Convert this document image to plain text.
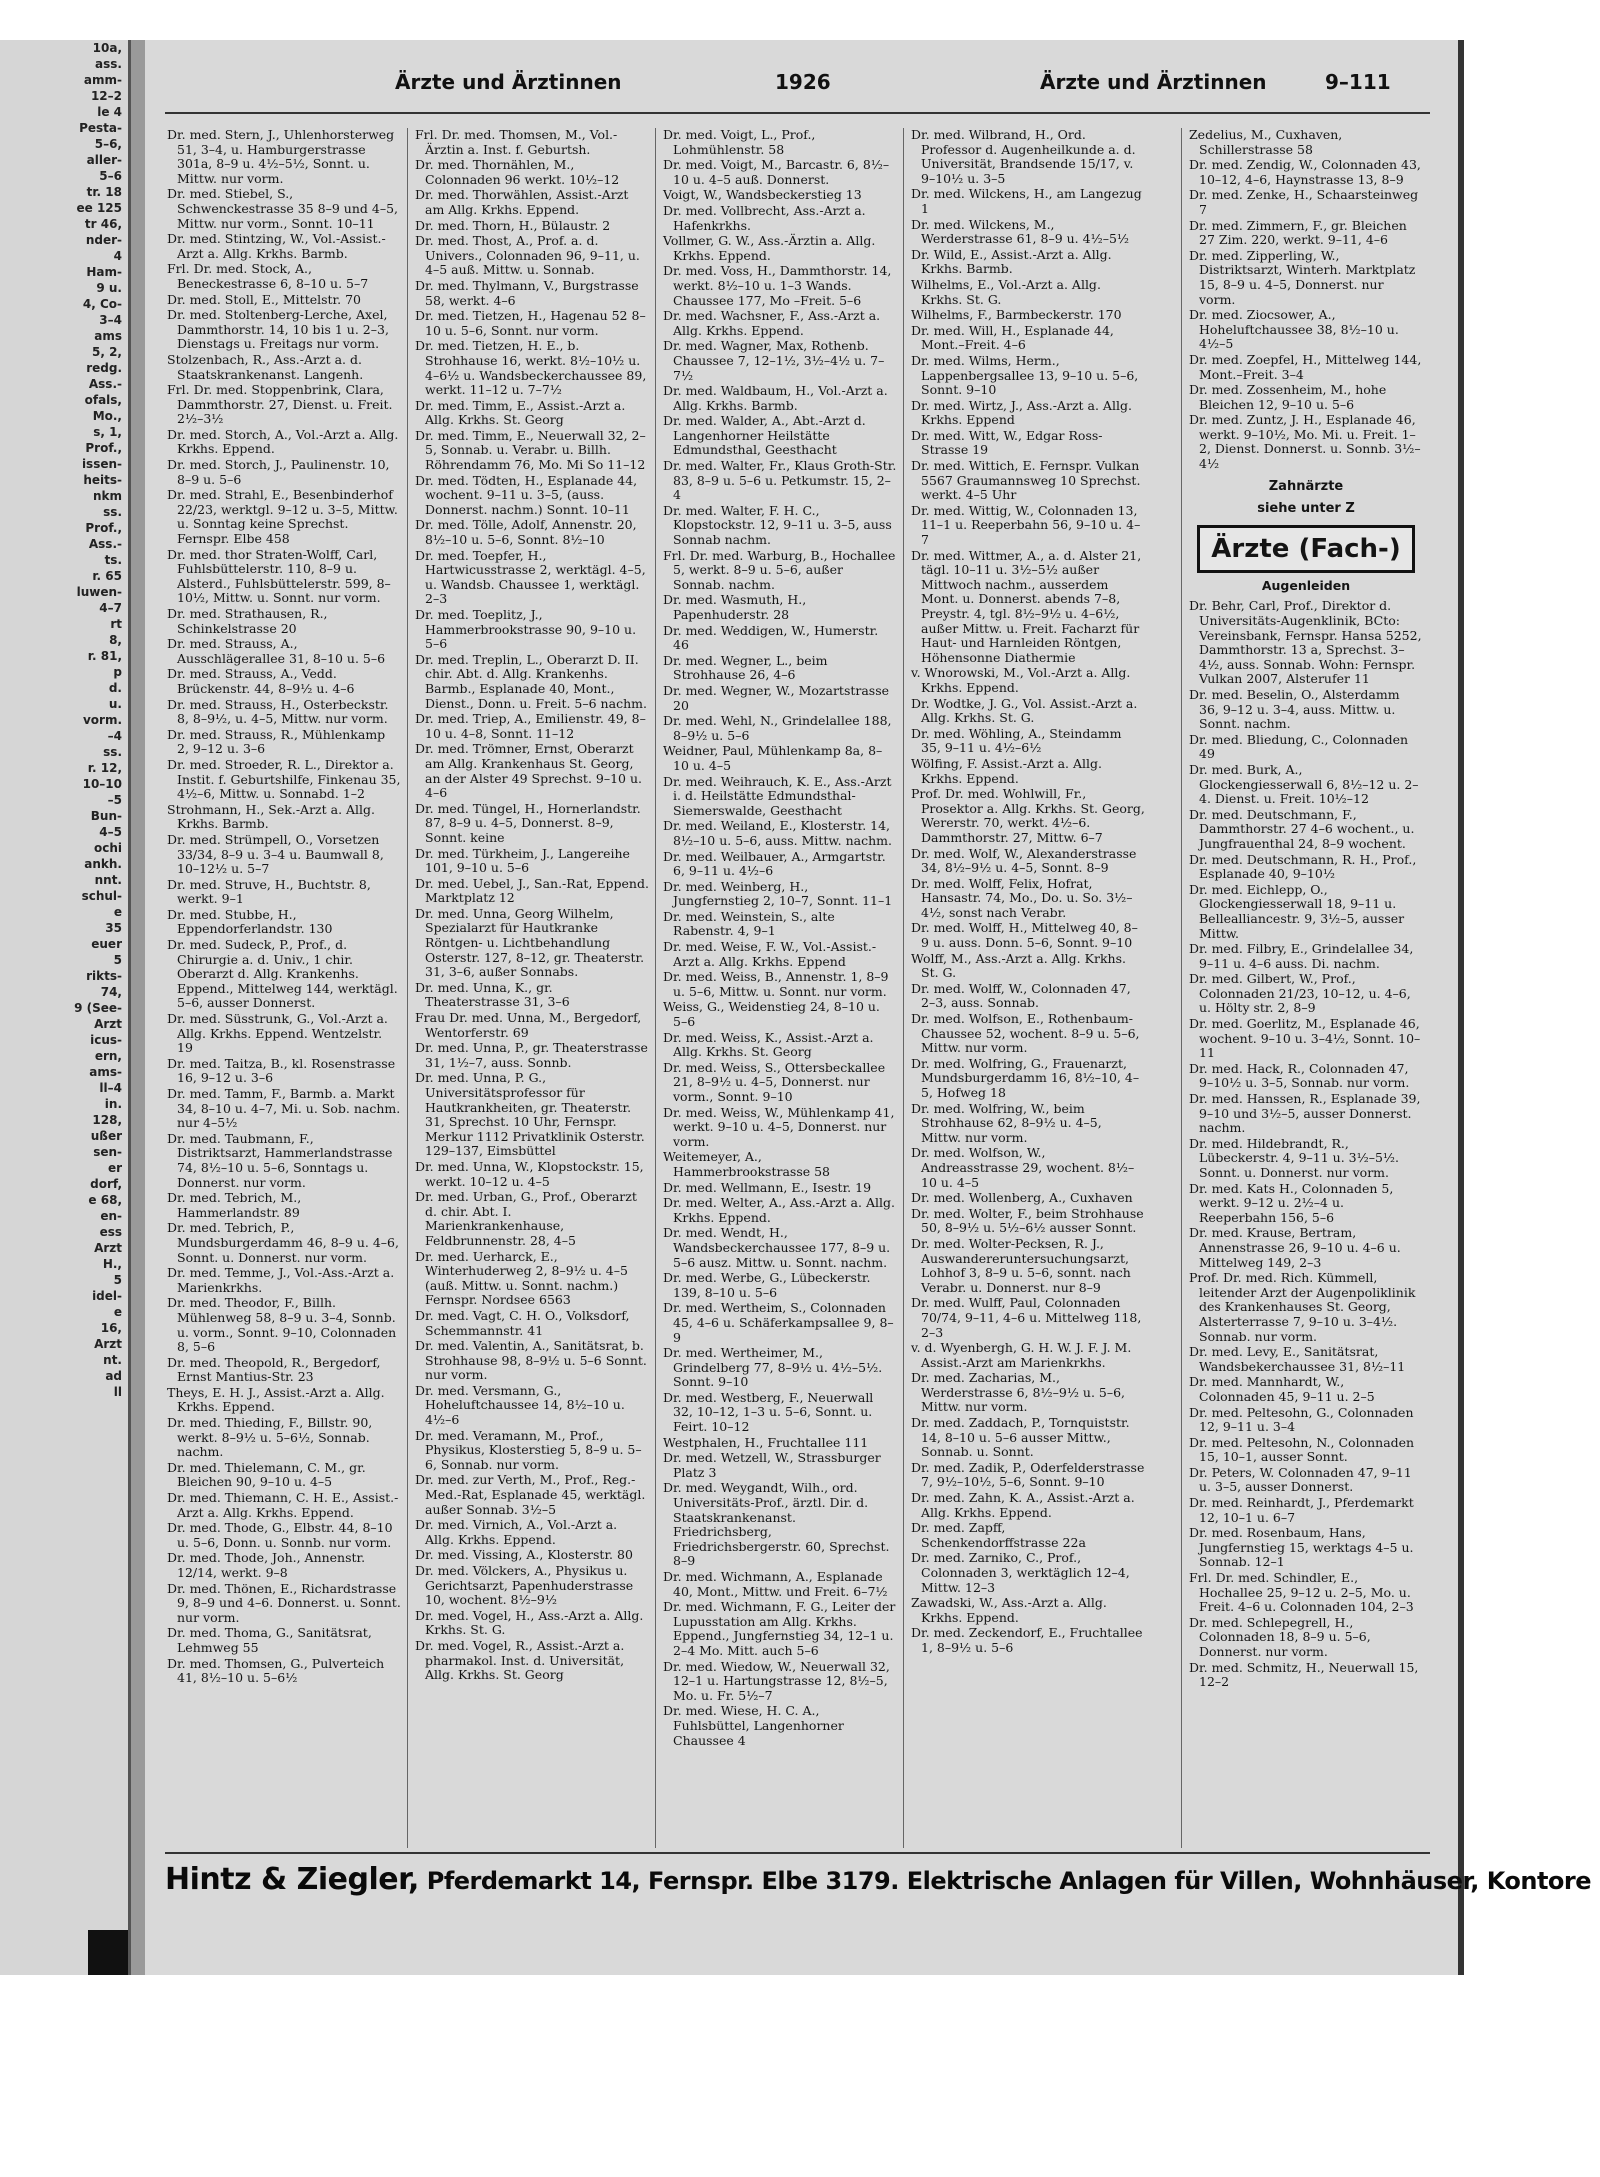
10a,
ass.
amm-
12–2
le 4
Pesta-
5–6,
aller-
5–6
tr. 18
ee 125
tr 46,
nder-
4
Ham-
9 u.
4, Co-
3–4
ams
5, 2,
redg.
Ass.-
ofals,
Mo.,
s, 1,
Prof.,
issen-
heits-
nkm
ss.
Prof.,
Ass.-
ts.
r. 65
luwen-
4–7
rt
8,
r. 81,
p
d.
u.
vorm.
–4
ss.
r. 12,
10–10
–5
Bun-
4–5
ochi
ankh.
nnt.
schul-
e
35
euer
5
rikts-
74,
9 (See-
Arzt
icus-
ern,
ams-
ll–4
in.
128,
ußer
sen-
er
dorf,
e 68,
en-
ess
Arzt
H.,
5
idel-
e
16,
Arzt
nt.
ad
ll
Ärzte und Ärztinnen	1926	Ärzte und Ärztinnen	9–111
Dr. med. Stern, J., Uhlenhorsterweg 51, 3–4, u. Hamburgerstrasse 301a, 8–9 u. 4½–5½, Sonnt. u. Mittw. nur vorm.
Dr. med. Stiebel, S., Schwenckestrasse 35 8–9 und 4–5, Mittw. nur vorm., Sonnt. 10–11
Dr. med. Stintzing, W., Vol.-Assist.-Arzt a. Allg. Krkhs. Barmb.
Frl. Dr. med. Stock, A., Beneckestrasse 6, 8–10 u. 5–7
Dr. med. Stoll, E., Mittelstr. 70
Dr. med. Stoltenberg-Lerche, Axel, Dammthorstr. 14, 10 bis 1 u. 2–3, Dienstags u. Freitags nur vorm.
Stolzenbach, R., Ass.-Arzt a. d. Staatskrankenanst. Langenh.
Frl. Dr. med. Stoppenbrink, Clara, Dammthorstr. 27, Dienst. u. Freit. 2½–3½
Dr. med. Storch, A., Vol.-Arzt a. Allg. Krkhs. Eppend.
Dr. med. Storch, J., Paulinenstr. 10, 8–9 u. 5–6
Dr. med. Strahl, E., Besenbinderhof 22/23, werktgl. 9–12 u. 3–5, Mittw. u. Sonntag keine Sprechst. Fernspr. Elbe 458
Dr. med. thor Straten-Wolff, Carl, Fuhlsbüttelerstr. 110, 8–9 u. Alsterd., Fuhlsbüttelerstr. 599, 8–10½, Mittw. u. Sonnt. nur vorm.
Dr. med. Strathausen, R., Schinkelstrasse 20
Dr. med. Strauss, A., Ausschlägerallee 31, 8–10 u. 5–6
Dr. med. Strauss, A., Vedd. Brückenstr. 44, 8–9½ u. 4–6
Dr. med. Strauss, H., Osterbeckstr. 8, 8–9½, u. 4–5, Mittw. nur vorm.
Dr. med. Strauss, R., Mühlenkamp 2, 9–12 u. 3–6
Dr. med. Stroeder, R. L., Direktor a. Instit. f. Geburtshilfe, Finkenau 35, 4½–6, Mittw. u. Sonnabd. 1–2
Strohmann, H., Sek.-Arzt a. Allg. Krkhs. Barmb.
Dr. med. Strümpell, O., Vorsetzen 33/34, 8–9 u. 3–4 u. Baumwall 8, 10–12½ u. 5–7
Dr. med. Struve, H., Buchtstr. 8, werkt. 9–1
Dr. med. Stubbe, H., Eppendorferlandstr. 130
Dr. med. Sudeck, P., Prof., d. Chirurgie a. d. Univ., 1 chir. Oberarzt d. Allg. Krankenhs. Eppend., Mittelweg 144, werktägl. 5–6, ausser Donnerst.
Dr. med. Süsstrunk, G., Vol.-Arzt a. Allg. Krkhs. Eppend. Wentzelstr. 19
Dr. med. Taitza, B., kl. Rosenstrasse 16, 9–12 u. 3–6
Dr. med. Tamm, F., Barmb. a. Markt 34, 8–10 u. 4–7, Mi. u. Sob. nachm. nur 4–5½
Dr. med. Taubmann, F., Distriktsarzt, Hammerlandstrasse 74, 8½–10 u. 5–6, Sonntags u. Donnerst. nur vorm.
Dr. med. Tebrich, M., Hammerlandstr. 89
Dr. med. Tebrich, P., Mundsburgerdamm 46, 8–9 u. 4–6, Sonnt. u. Donnerst. nur vorm.
Dr. med. Temme, J., Vol.-Ass.-Arzt a. Marienkrkhs.
Dr. med. Theodor, F., Billh. Mühlenweg 58, 8–9 u. 3–4, Sonnb. u. vorm., Sonnt. 9–10, Colonnaden 8, 5–6
Dr. med. Theopold, R., Bergedorf, Ernst Mantius-Str. 23
Theys, E. H. J., Assist.-Arzt a. Allg. Krkhs. Eppend.
Dr. med. Thieding, F., Billstr. 90, werkt. 8–9½ u. 5–6½, Sonnab. nachm.
Dr. med. Thielemann, C. M., gr. Bleichen 90, 9–10 u. 4–5
Dr. med. Thiemann, C. H. E., Assist.-Arzt a. Allg. Krkhs. Eppend.
Dr. med. Thode, G., Elbstr. 44, 8–10 u. 5–6, Donn. u. Sonnb. nur vorm.
Dr. med. Thode, Joh., Annenstr. 12/14, werkt. 9–8
Dr. med. Thönen, E., Richardstrasse 9, 8–9 und 4–6. Donnerst. u. Sonnt. nur vorm.
Dr. med. Thoma, G., Sanitätsrat, Lehmweg 55
Dr. med. Thomsen, G., Pulverteich 41, 8½–10 u. 5–6½
Frl. Dr. med. Thomsen, M., Vol.-Ärztin a. Inst. f. Geburtsh.
Dr. med. Thornählen, M., Colonnaden 96 werkt. 10½–12
Dr. med. Thorwählen, Assist.-Arzt am Allg. Krkhs. Eppend.
Dr. med. Thorn, H., Bülaustr. 2
Dr. med. Thost, A., Prof. a. d. Univers., Colonnaden 96, 9–11, u. 4–5 auß. Mittw. u. Sonnab.
Dr. med. Thylmann, V., Burgstrasse 58, werkt. 4–6
Dr. med. Tietzen, H., Hagenau 52 8–10 u. 5–6, Sonnt. nur vorm.
Dr. med. Tietzen, H. E., b. Strohhause 16, werkt. 8½–10½ u. 4–6½ u. Wandsbeckerchaussee 89, werkt. 11–12 u. 7–7½
Dr. med. Timm, E., Assist.-Arzt a. Allg. Krkhs. St. Georg
Dr. med. Timm, E., Neuerwall 32, 2–5, Sonnab. u. Verabr. u. Billh. Röhrendamm 76, Mo. Mi So 11–12
Dr. med. Tödten, H., Esplanade 44, wochent. 9–11 u. 3–5, (auss. Donnerst. nachm.) Sonnt. 10–11
Dr. med. Tölle, Adolf, Annenstr. 20, 8½–10 u. 5–6, Sonnt. 8½–10
Dr. med. Toepfer, H., Hartwicusstrasse 2, werktägl. 4–5, u. Wandsb. Chaussee 1, werktägl. 2–3
Dr. med. Toeplitz, J., Hammerbrookstrasse 90, 9–10 u. 5–6
Dr. med. Treplin, L., Oberarzt D. II. chir. Abt. d. Allg. Krankenhs. Barmb., Esplanade 40, Mont., Dienst., Donn. u. Freit. 5–6 nachm.
Dr. med. Triep, A., Emilienstr. 49, 8–10 u. 4–8, Sonnt. 11–12
Dr. med. Trömner, Ernst, Oberarzt am Allg. Krankenhaus St. Georg, an der Alster 49 Sprechst. 9–10 u. 4–6
Dr. med. Tüngel, H., Hornerlandstr. 87, 8–9 u. 4–5, Donnerst. 8–9, Sonnt. keine
Dr. med. Türkheim, J., Langereihe 101, 9–10 u. 5–6
Dr. med. Uebel, J., San.-Rat, Eppend. Marktplatz 12
Dr. med. Unna, Georg Wilhelm, Spezialarzt für Hautkranke Röntgen- u. Lichtbehandlung Osterstr. 127, 8–12, gr. Theaterstr. 31, 3–6, außer Sonnabs.
Dr. med. Unna, K., gr. Theaterstrasse 31, 3–6
Frau Dr. med. Unna, M., Bergedorf, Wentorferstr. 69
Dr. med. Unna, P., gr. Theaterstrasse 31, 1½–7, auss. Sonnb.
Dr. med. Unna, P. G., Universitätsprofessor für Hautkrankheiten, gr. Theaterstr. 31, Sprechst. 10 Uhr, Fernspr. Merkur 1112 Privatklinik Osterstr. 129–137, Eimsbüttel
Dr. med. Unna, W., Klopstockstr. 15, werkt. 10–12 u. 4–5
Dr. med. Urban, G., Prof., Oberarzt d. chir. Abt. I. Marienkrankenhause, Feldbrunnenstr. 28, 4–5
Dr. med. Uerharck, E., Winterhuderweg 2, 8–9½ u. 4–5 (auß. Mittw. u. Sonnt. nachm.) Fernspr. Nordsee 6563
Dr. med. Vagt, C. H. O., Volksdorf, Schemmannstr. 41
Dr. med. Valentin, A., Sanitätsrat, b. Strohhause 98, 8–9½ u. 5–6 Sonnt. nur vorm.
Dr. med. Versmann, G., Hoheluftchaussee 14, 8½–10 u. 4½–6
Dr. med. Veramann, M., Prof., Physikus, Klosterstieg 5, 8–9 u. 5–6, Sonnab. nur vorm.
Dr. med. zur Verth, M., Prof., Reg.-Med.-Rat, Esplanade 45, werktägl. außer Sonnab. 3½–5
Dr. med. Virnich, A., Vol.-Arzt a. Allg. Krkhs. Eppend.
Dr. med. Vissing, A., Klosterstr. 80
Dr. med. Völckers, A., Physikus u. Gerichtsarzt, Papenhuderstrasse 10, wochent. 8½–9½
Dr. med. Vogel, H., Ass.-Arzt a. Allg. Krkhs. St. G.
Dr. med. Vogel, R., Assist.-Arzt a. pharmakol. Inst. d. Universität, Allg. Krkhs. St. Georg
Dr. med. Voigt, L., Prof., Lohmühlenstr. 58
Dr. med. Voigt, M., Barcastr. 6, 8½–10 u. 4–5 auß. Donnerst.
Voigt, W., Wandsbeckerstieg 13
Dr. med. Vollbrecht, Ass.-Arzt a. Hafenkrkhs.
Vollmer, G. W., Ass.-Ärztin a. Allg. Krkhs. Eppend.
Dr. med. Voss, H., Dammthorstr. 14, werkt. 8½–10 u. 1–3 Wands. Chaussee 177, Mo –Freit. 5–6
Dr. med. Wachsner, F., Ass.-Arzt a. Allg. Krkhs. Eppend.
Dr. med. Wagner, Max, Rothenb. Chaussee 7, 12–1½, 3½–4½ u. 7–7½
Dr. med. Waldbaum, H., Vol.-Arzt a. Allg. Krkhs. Barmb.
Dr. med. Walder, A., Abt.-Arzt d. Langenhorner Heilstätte Edmundsthal, Geesthacht
Dr. med. Walter, Fr., Klaus Groth-Str. 83, 8–9 u. 5–6 u. Petkumstr. 15, 2–4
Dr. med. Walter, F. H. C., Klopstockstr. 12, 9–11 u. 3–5, auss Sonnab nachm.
Frl. Dr. med. Warburg, B., Hochallee 5, werkt. 8–9 u. 5–6, außer Sonnab. nachm.
Dr. med. Wasmuth, H., Papenhuderstr. 28
Dr. med. Weddigen, W., Humerstr. 46
Dr. med. Wegner, L., beim Strohhause 26, 4–6
Dr. med. Wegner, W., Mozartstrasse 20
Dr. med. Wehl, N., Grindelallee 188, 8–9½ u. 5–6
Weidner, Paul, Mühlenkamp 8a, 8–10 u. 4–5
Dr. med. Weihrauch, K. E., Ass.-Arzt i. d. Heilstätte Edmundsthal-Siemerswalde, Geesthacht
Dr. med. Weiland, E., Klosterstr. 14, 8½–10 u. 5–6, auss. Mittw. nachm.
Dr. med. Weilbauer, A., Armgartstr. 6, 9–11 u. 4½–6
Dr. med. Weinberg, H., Jungfernstieg 2, 10–7, Sonnt. 11–1
Dr. med. Weinstein, S., alte Rabenstr. 4, 9–1
Dr. med. Weise, F. W., Vol.-Assist.-Arzt a. Allg. Krkhs. Eppend
Dr. med. Weiss, B., Annenstr. 1, 8–9 u. 5–6, Mittw. u. Sonnt. nur vorm.
Weiss, G., Weidenstieg 24, 8–10 u. 5–6
Dr. med. Weiss, K., Assist.-Arzt a. Allg. Krkhs. St. Georg
Dr. med. Weiss, S., Ottersbeckallee 21, 8–9½ u. 4–5, Donnerst. nur vorm., Sonnt. 9–10
Dr. med. Weiss, W., Mühlenkamp 41, werkt. 9–10 u. 4–5, Donnerst. nur vorm.
Weitemeyer, A., Hammerbrookstrasse 58
Dr. med. Wellmann, E., Isestr. 19
Dr. med. Welter, A., Ass.-Arzt a. Allg. Krkhs. Eppend.
Dr. med. Wendt, H., Wandsbeckerchaussee 177, 8–9 u. 5–6 ausz. Mittw. u. Sonnt. nachm.
Dr. med. Werbe, G., Lübeckerstr. 139, 8–10 u. 5–6
Dr. med. Wertheim, S., Colonnaden 45, 4–6 u. Schäferkampsallee 9, 8–9
Dr. med. Wertheimer, M., Grindelberg 77, 8–9½ u. 4½–5½. Sonnt. 9–10
Dr. med. Westberg, F., Neuerwall 32, 10–12, 1–3 u. 5–6, Sonnt. u. Feirt. 10–12
Westphalen, H., Fruchtallee 111
Dr. med. Wetzell, W., Strassburger Platz 3
Dr. med. Weygandt, Wilh., ord. Universitäts-Prof., ärztl. Dir. d. Staatskrankenanst. Friedrichsberg, Friedrichsbergerstr. 60, Sprechst. 8–9
Dr. med. Wichmann, A., Esplanade 40, Mont., Mittw. und Freit. 6–7½
Dr. med. Wichmann, F. G., Leiter der Lupusstation am Allg. Krkhs. Eppend., Jungfernstieg 34, 12–1 u. 2–4 Mo. Mitt. auch 5–6
Dr. med. Wiedow, W., Neuerwall 32, 12–1 u. Hartungstrasse 12, 8½–5, Mo. u. Fr. 5½–7
Dr. med. Wiese, H. C. A., Fuhlsbüttel, Langenhorner Chaussee 4
Dr. med. Wilbrand, H., Ord. Professor d. Augenheilkunde a. d. Universität, Brandsende 15/17, v. 9–10½ u. 3–5
Dr. med. Wilckens, H., am Langezug 1
Dr. med. Wilckens, M., Werderstrasse 61, 8–9 u. 4½–5½
Dr. Wild, E., Assist.-Arzt a. Allg. Krkhs. Barmb.
Wilhelms, E., Vol.-Arzt a. Allg. Krkhs. St. G.
Wilhelms, F., Barmbeckerstr. 170
Dr. med. Will, H., Esplanade 44, Mont.–Freit. 4–6
Dr. med. Wilms, Herm., Lappenbergsallee 13, 9–10 u. 5–6, Sonnt. 9–10
Dr. med. Wirtz, J., Ass.-Arzt a. Allg. Krkhs. Eppend
Dr. med. Witt, W., Edgar Ross-Strasse 19
Dr. med. Wittich, E. Fernspr. Vulkan 5567 Graumannsweg 10 Sprechst. werkt. 4–5 Uhr
Dr. med. Wittig, W., Colonnaden 13, 11–1 u. Reeperbahn 56, 9–10 u. 4–7
Dr. med. Wittmer, A., a. d. Alster 21, tägl. 10–11 u. 3½–5½ außer Mittwoch nachm., ausserdem Mont. u. Donnerst. abends 7–8, Preystr. 4, tgl. 8½–9½ u. 4–6½, außer Mittw. u. Freit. Facharzt für Haut- und Harnleiden Röntgen, Höhensonne Diathermie
v. Wnorowski, M., Vol.-Arzt a. Allg. Krkhs. Eppend.
Dr. Wodtke, J. G., Vol. Assist.-Arzt a. Allg. Krkhs. St. G.
Dr. med. Wöhling, A., Steindamm 35, 9–11 u. 4½–6½
Wölfing, F. Assist.-Arzt a. Allg. Krkhs. Eppend.
Prof. Dr. med. Wohlwill, Fr., Prosektor a. Allg. Krkhs. St. Georg, Wererstr. 70, werkt. 4½–6. Dammthorstr. 27, Mittw. 6–7
Dr. med. Wolf, W., Alexanderstrasse 34, 8½–9½ u. 4–5, Sonnt. 8–9
Dr. med. Wolff, Felix, Hofrat, Hansastr. 74, Mo., Do. u. So. 3½–4½, sonst nach Verabr.
Dr. med. Wolff, H., Mittelweg 40, 8–9 u. auss. Donn. 5–6, Sonnt. 9–10
Wolff, M., Ass.-Arzt a. Allg. Krkhs. St. G.
Dr. med. Wolff, W., Colonnaden 47, 2–3, auss. Sonnab.
Dr. med. Wolfson, E., Rothenbaum-Chaussee 52, wochent. 8–9 u. 5–6, Mittw. nur vorm.
Dr. med. Wolfring, G., Frauenarzt, Mundsburgerdamm 16, 8½–10, 4–5, Hofweg 18
Dr. med. Wolfring, W., beim Strohhause 62, 8–9½ u. 4–5, Mittw. nur vorm.
Dr. med. Wolfson, W., Andreasstrasse 29, wochent. 8½–10 u. 4–5
Dr. med. Wollenberg, A., Cuxhaven
Dr. med. Wolter, F., beim Strohhause 50, 8–9½ u. 5½–6½ ausser Sonnt.
Dr. med. Wolter-Pecksen, R. J., Auswandereruntersuchungsarzt, Lohhof 3, 8–9 u. 5–6, sonnt. nach Verabr. u. Donnerst. nur 8–9
Dr. med. Wulff, Paul, Colonnaden 70/74, 9–11, 4–6 u. Mittelweg 118, 2–3
v. d. Wyenbergh, G. H. W. J. F. J. M. Assist.-Arzt am Marienkrkhs.
Dr. med. Zacharias, M., Werderstrasse 6, 8½–9½ u. 5–6, Mittw. nur vorm.
Dr. med. Zaddach, P., Tornquiststr. 14, 8–10 u. 5–6 ausser Mittw., Sonnab. u. Sonnt.
Dr. med. Zadik, P., Oderfelderstrasse 7, 9½–10½, 5–6, Sonnt. 9–10
Dr. med. Zahn, K. A., Assist.-Arzt a. Allg. Krkhs. Eppend.
Dr. med. Zapff, Schenkendorffstrasse 22a
Dr. med. Zarniko, C., Prof., Colonnaden 3, werktäglich 12–4, Mittw. 12–3
Zawadski, W., Ass.-Arzt a. Allg. Krkhs. Eppend.
Dr. med. Zeckendorf, E., Fruchtallee 1, 8–9½ u. 5–6
Zedelius, M., Cuxhaven, Schillerstrasse 58
Dr. med. Zendig, W., Colonnaden 43, 10–12, 4–6, Haynstrasse 13, 8–9
Dr. med. Zenke, H., Schaarsteinweg 7
Dr. med. Zimmern, F., gr. Bleichen 27 Zim. 220, werkt. 9–11, 4–6
Dr. med. Zipperling, W., Distriktsarzt, Winterh. Marktplatz 15, 8–9 u. 4–5, Donnerst. nur vorm.
Dr. med. Ziocsower, A., Hoheluftchaussee 38, 8½–10 u. 4½–5
Dr. med. Zoepfel, H., Mittelweg 144, Mont.–Freit. 3–4
Dr. med. Zossenheim, M., hohe Bleichen 12, 9–10 u. 5–6
Dr. med. Zuntz, J. H., Esplanade 46, werkt. 9–10½, Mo. Mi. u. Freit. 1–2, Dienst. Donnerst. u. Sonnb. 3½–4½
Zahnärzte
siehe unter Z
Ärzte (Fach-)
Augenleiden
Dr. Behr, Carl, Prof., Direktor d. Universitäts-Augenklinik, BCto: Vereinsbank, Fernspr. Hansa 5252, Dammthorstr. 13 a, Sprechst. 3–4½, auss. Sonnab. Wohn: Fernspr. Vulkan 2007, Alsterufer 11
Dr. med. Beselin, O., Alsterdamm 36, 9–12 u. 3–4, auss. Mittw. u. Sonnt. nachm.
Dr. med. Bliedung, C., Colonnaden 49
Dr. med. Burk, A., Glockengiesserwall 6, 8½–12 u. 2–4. Dienst. u. Freit. 10½–12
Dr. med. Deutschmann, F., Dammthorstr. 27 4–6 wochent., u. Jungfrauenthal 24, 8–9 wochent.
Dr. med. Deutschmann, R. H., Prof., Esplanade 40, 9–10½
Dr. med. Eichlepp, O., Glockengiesserwall 18, 9–11 u. Bellealliancestr. 9, 3½–5, ausser Mittw.
Dr. med. Filbry, E., Grindelallee 34, 9–11 u. 4–6 auss. Di. nachm.
Dr. med. Gilbert, W., Prof., Colonnaden 21/23, 10–12, u. 4–6, u. Hölty str. 2, 8–9
Dr. med. Goerlitz, M., Esplanade 46, wochent. 9–10 u. 3–4½, Sonnt. 10–11
Dr. med. Hack, R., Colonnaden 47, 9–10½ u. 3–5, Sonnab. nur vorm.
Dr. med. Hanssen, R., Esplanade 39, 9–10 und 3½–5, ausser Donnerst. nachm.
Dr. med. Hildebrandt, R., Lübeckerstr. 4, 9–11 u. 3½–5½. Sonnt. u. Donnerst. nur vorm.
Dr. med. Kats H., Colonnaden 5, werkt. 9–12 u. 2½–4 u. Reeperbahn 156, 5–6
Dr. med. Krause, Bertram, Annenstrasse 26, 9–10 u. 4–6 u. Mittelweg 149, 2–3
Prof. Dr. med. Rich. Kümmell, leitender Arzt der Augenpoliklinik des Krankenhauses St. Georg, Alsterterrasse 7, 9–10 u. 3–4½. Sonnab. nur vorm.
Dr. med. Levy, E., Sanitätsrat, Wandsbekerchaussee 31, 8½–11
Dr. med. Mannhardt, W., Colonnaden 45, 9–11 u. 2–5
Dr. med. Peltesohn, G., Colonnaden 12, 9–11 u. 3–4
Dr. med. Peltesohn, N., Colonnaden 15, 10–1, ausser Sonnt.
Dr. Peters, W. Colonnaden 47, 9–11 u. 3–5, ausser Donnerst.
Dr. med. Reinhardt, J., Pferdemarkt 12, 10–1 u. 6–7
Dr. med. Rosenbaum, Hans, Jungfernstieg 15, werktags 4–5 u. Sonnab. 12–1
Frl. Dr. med. Schindler, E., Hochallee 25, 9–12 u. 2–5, Mo. u. Freit. 4–6 u. Colonnaden 104, 2–3
Dr. med. Schlepegrell, H., Colonnaden 18, 8–9 u. 5–6, Donnerst. nur vorm.
Dr. med. Schmitz, H., Neuerwall 15, 12–2
Hintz & Ziegler, Pferdemarkt 14, Fernspr. Elbe 3179. Elektrische Anlagen für Villen, Wohnhäuser, Kontore
